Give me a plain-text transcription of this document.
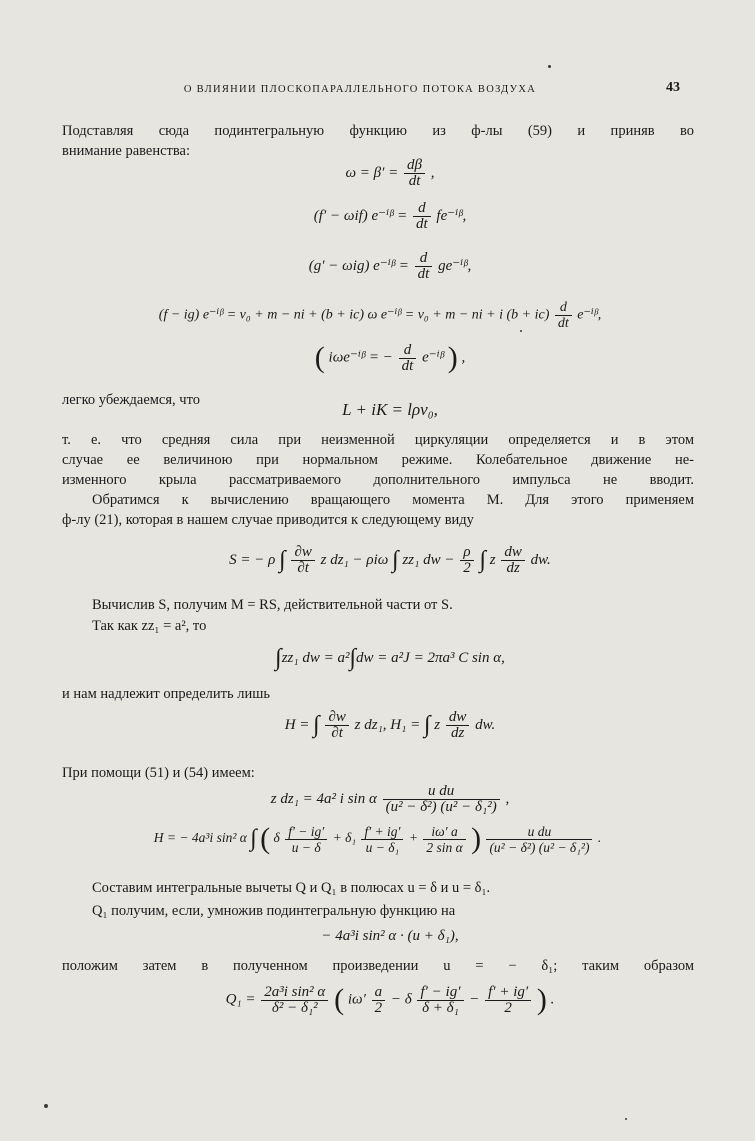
О ВЛИЯНИИ ПЛОСКОПАРАЛЛЕЛЬНОГО ПОТОКА ВОЗДУХА	43
Подставляя сюда подинтегральную функцию из ф-лы (59) и приняв во
внимание равенства:
$\omega = \beta' = \frac{d\beta}{dt}$ ,
(f′ − ωif) e⁻ⁱᵝ = $\frac{d}{dt}$ fe⁻ⁱᵝ,
(g′ − ωig) e⁻ⁱᵝ = $\frac{d}{dt}$ ge⁻ⁱᵝ,
(f − ig) e⁻ⁱᵝ = v₀ + m − ni + (b + ic) ω e⁻ⁱᵝ = v₀ + m − ni + i $(b + ic) \frac{d}{dt}$ e⁻ⁱᵝ,
( iωe⁻ⁱᵝ = − $\frac{d}{dt}$ e⁻ⁱᵝ ) ,
легко убеждаемся, что	L + iK = lρv₀,
т. е. что средняя сила при неизменной циркуляции определяется и в этом
случае ее величиною при нормальном режиме. Колебательное движение не-
изменного крыла рассматриваемого дополнительного импульса не вводит.
Обратимся к вычислению вращающего момента M. Для этого применяем
ф-лу (21), которая в нашем случае приводится к следующему виду
S = − ρ ∫ $\frac{\partial w}{\partial t}$ z dz₁ − ρiω ∫ zz₁ dw − $\frac{\rho}{2}$ ∫ z $\frac{dw}{dz}$ dw.
Вычислив S, получим M = RS, действительной части от S.
Так как zz₁ = a², то
∫zz₁ dw = a²∫dw = a²J = 2πa³ C sin α,
и нам надлежит определить лишь
H = ∫ $\frac{\partial w}{\partial t}$ z dz₁, H₁ = ∫ z $\frac{dw}{dz}$ dw.
При помощи (51) и (54) имеем:
z dz₁ = 4a² i sin α $\frac{\text{u du}}{\text{(u² − δ²) (u² − δ₁²)}}$ ,
H = − 4a³i sin² α ∫ ( δ $\frac{f' - ig'}{u - \delta} + \delta_1 \frac{f' + ig'}{\text{u − δ₁}} + \frac{i\omega' a}{\text{2 sin α}}$ ) $\frac{\text{u du}}{\text{(u² − δ²) (u² − δ₁²)}}$ .
Составим интегральные вычеты Q и Q₁ в полюсах u = δ и u = δ₁.
Q₁ получим, если, умножив подинтегральную функцию на
− 4a³i sin² α · (u + δ₁),
положим затем в полученном произведении u = − δ₁; таким образом
$Q_1 = \frac{\text{2a³i sin² α}}{\text{δ² − δ₁²}}$ ( $i\omega' \frac{a}{2} - \delta \frac{f' - ig'}{\text{δ + δ₁}} - \frac{f' + ig'}{2}$ ) .
